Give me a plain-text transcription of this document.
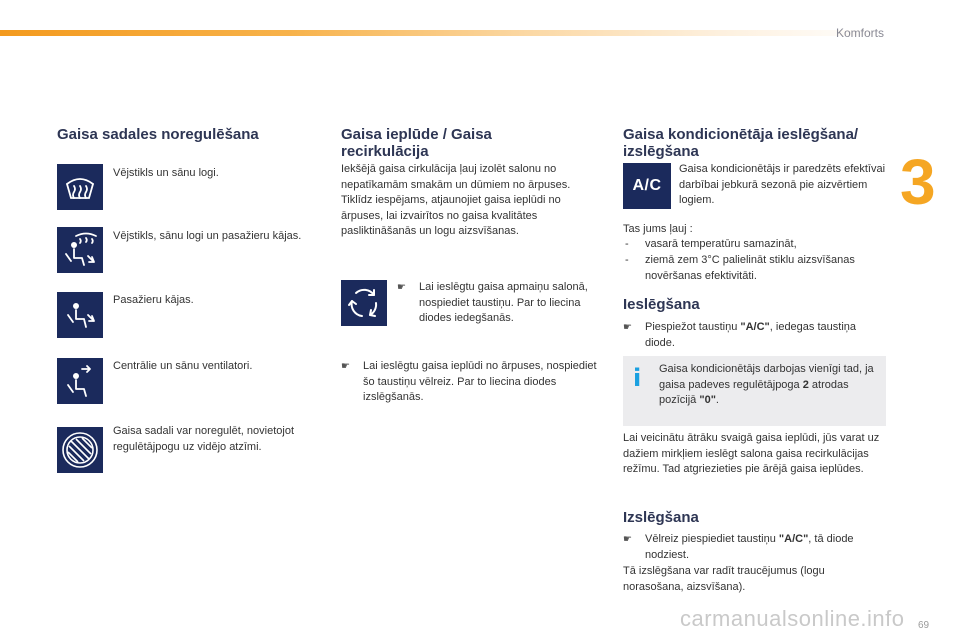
Komforts
3
Gaisa sadales noregulēšana
Vējstikls un sānu logi.
Vējstikls, sānu logi un pasažieru kājas.
Pasažieru kājas.
Centrālie un sānu ventilatori.
Gaisa sadali var noregulēt, novietojot regulētājpogu uz vidējo atzīmi.
Gaisa ieplūde / Gaisa recirkulācija
Iekšējā gaisa cirkulācija ļauj izolēt salonu no nepatīkamām smakām un dūmiem no ārpuses. Tiklīdz iespējams, atjaunojiet gaisa ieplūdi no ārpuses, lai izvairītos no gaisa kvalitātes pasliktināšanās un logu aizsvīšanas.
☛ Lai ieslēgtu gaisa apmaiņu salonā, nospiediet taustiņu. Par to liecina diodes iedegšanās.
☛ Lai ieslēgtu gaisa ieplūdi no ārpuses, nospiediet šo taustiņu vēlreiz. Par to liecina diodes izslēgšanās.
Gaisa kondicionētāja ieslēgšana/ izslēgšana
A/C
Gaisa kondicionētājs ir paredzēts efektīvai darbībai jebkurā sezonā pie aizvērtiem logiem.
Tas jums ļauj :
- vasarā temperatūru samazināt,
- ziemā zem 3°C palielināt stiklu aizsvīšanas novēršanas efektivitāti.
Ieslēgšana
☛ Piespiežot taustiņu "A/C", iedegas taustiņa diode.
i	Gaisa kondicionētājs darbojas vienīgi tad, ja gaisa padeves regulētājpoga 2 atrodas pozīcijā "0".
Lai veicinātu ātrāku svaigā gaisa ieplūdi, jūs varat uz dažiem mirkļiem ieslēgt salona gaisa recirkulācijas režīmu. Tad atgriezieties pie ārējā gaisa ieplūdes.
Izslēgšana
☛ Vēlreiz piespiediet taustiņu "A/C", tā diode nodziest.
Tā izslēgšana var radīt traucējumus (logu norasošana, aizsvīšana).
carmanualsonline.info 69
